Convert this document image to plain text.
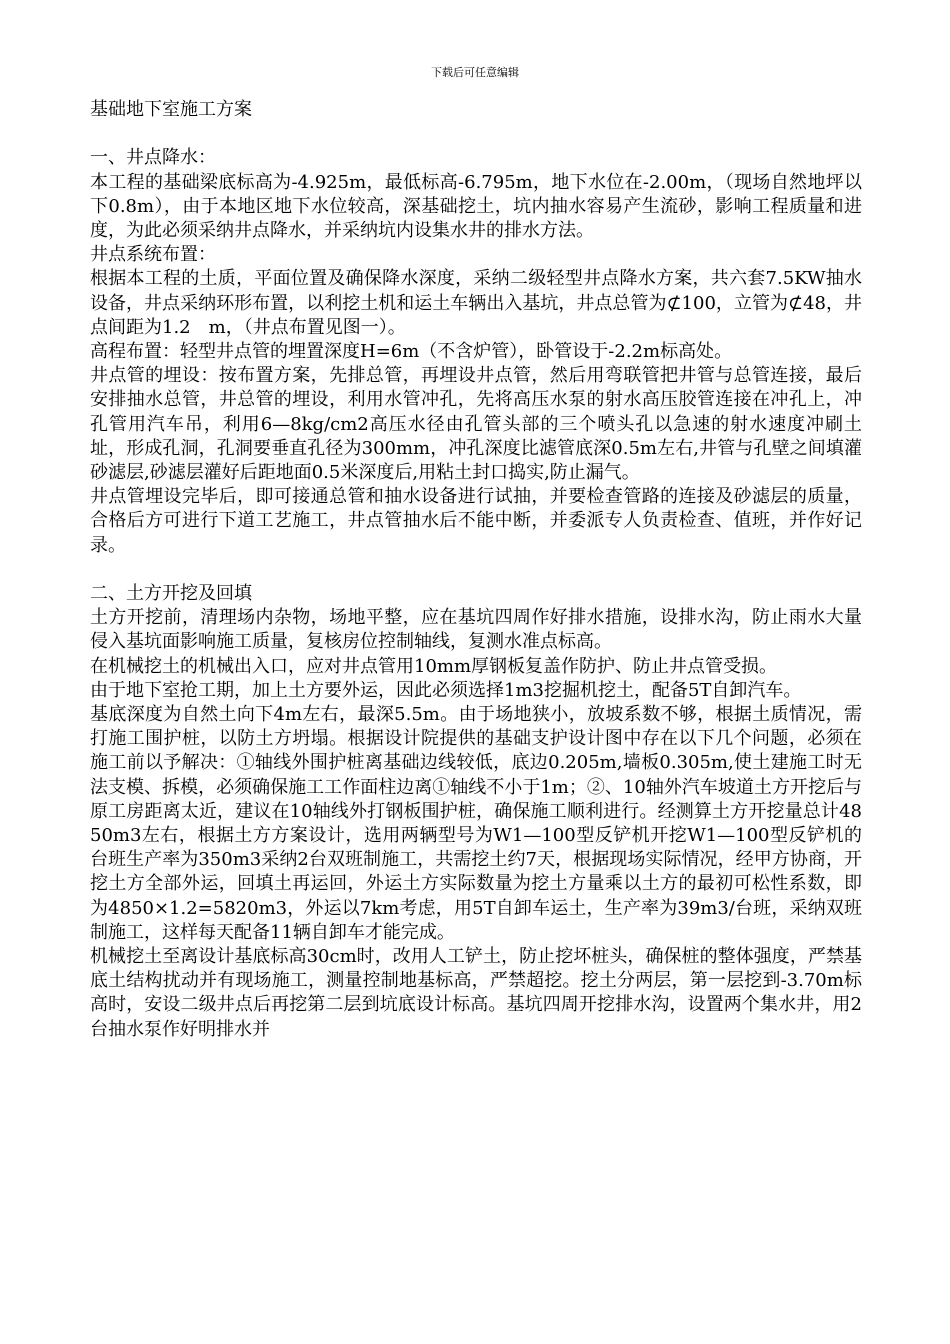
下载后可任意编辑

基础地下室施工方案

一、井点降水：

本工程的基础梁底标高为-4.925m，最低标高-6.795m，地下水位在-2.00m，（现场自然地坪以下0.8m），由于本地区地下水位较高，深基础挖土，坑内抽水容易产生流砂，影响工程质量和进度，为此必须采纳井点降水，并采纳坑内设集水井的排水方法。

井点系统布置：

根据本工程的土质，平面位置及确保降水深度，采纳二级轻型井点降水方案，共六套7.5KW抽水设备，井点采纳环形布置，以利挖土机和运土车辆出入基坑，井点总管为⊄100，立管为⊄48，井点间距为1.2　m，（井点布置见图一）。

高程布置：轻型井点管的埋置深度H=6m（不含炉管），卧管设于-2.2m标高处。

井点管的埋设：按布置方案，先排总管，再埋设井点管，然后用弯联管把井管与总管连接，最后安排抽水总管，井总管的埋设，利用水管冲孔，先将高压水泵的射水高压胶管连接在冲孔上，冲孔管用汽车吊，利用6—8kg/cm2高压水径由孔管头部的三个喷头孔以急速的射水速度冲刷土址，形成孔洞，孔洞要垂直孔径为300mm，冲孔深度比滤管底深0.5m左右,井管与孔壁之间填灌砂滤层,砂滤层灌好后距地面0.5米深度后,用粘土封口捣实,防止漏气。

井点管埋设完毕后，即可接通总管和抽水设备进行试抽，并要检查管路的连接及砂滤层的质量，合格后方可进行下道工艺施工，井点管抽水后不能中断，并委派专人负责检查、值班，并作好记录。

二、土方开挖及回填

土方开挖前，清理场内杂物，场地平整，应在基坑四周作好排水措施，设排水沟，防止雨水大量侵入基坑面影响施工质量，复核房位控制轴线，复测水准点标高。

在机械挖土的机械出入口，应对井点管用10mm厚钢板复盖作防护、防止井点管受损。

由于地下室抢工期，加上土方要外运，因此必须选择1m3挖掘机挖土，配备5T自卸汽车。

基底深度为自然土向下4m左右，最深5.5m。由于场地狭小，放坡系数不够，根据土质情况，需打施工围护桩，以防土方坍塌。根据设计院提供的基础支护设计图中存在以下几个问题，必须在施工前以予解决：①轴线外围护桩离基础边线较低，底边0.205m,墙板0.305m,使土建施工时无法支模、拆模，必须确保施工工作面柱边离①轴线不小于1m；②、10轴外汽车坡道土方开挖后与原工房距离太近，建议在10轴线外打钢板围护桩，确保施工顺利进行。经测算土方开挖量总计4850m3左右，根据土方方案设计，选用两辆型号为W1—100型反铲机开挖W1—100型反铲机的台班生产率为350m3采纳2台双班制施工，共需挖土约7天，根据现场实际情况，经甲方协商，开挖土方全部外运，回填土再运回，外运土方实际数量为挖土方量乘以土方的最初可松性系数，即为4850×1.2=5820m3，外运以7km考虑，用5T自卸车运土，生产率为39m3/台班，采纳双班制施工，这样每天配备11辆自卸车才能完成。

机械挖土至离设计基底标高30cm时，改用人工铲土，防止挖坏桩头，确保桩的整体强度，严禁基底土结构扰动并有现场施工，测量控制地基标高，严禁超挖。挖土分两层，第一层挖到-3.70m标高时，安设二级井点后再挖第二层到坑底设计标高。基坑四周开挖排水沟，设置两个集水井，用2台抽水泵作好明排水并
